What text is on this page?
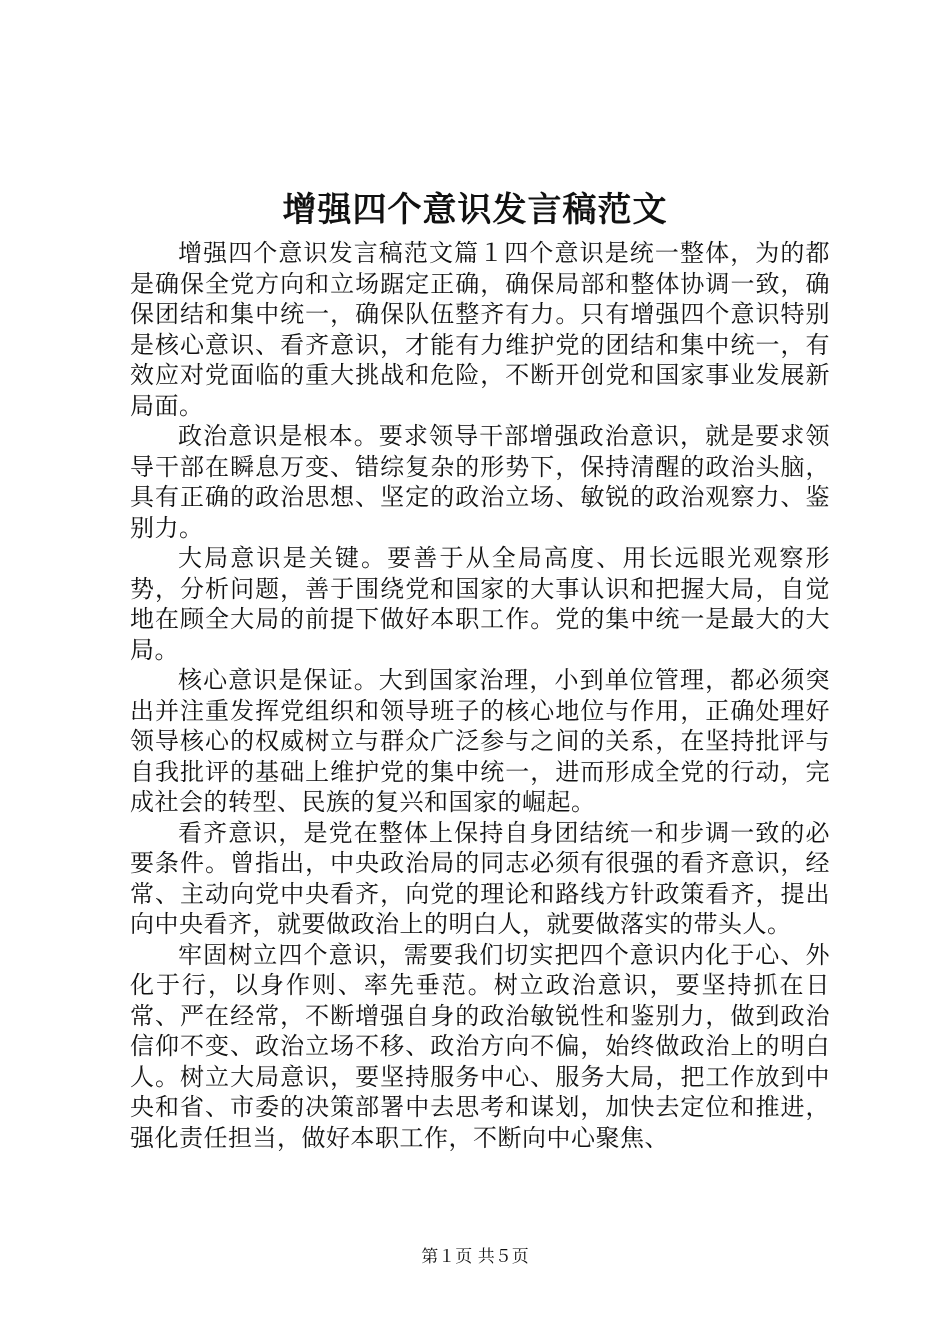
增强四个意识发言稿范文

增强四个意识发言稿范文篇１四个意识是统一整体，为的都是确保全党方向和立场踞定正确，确保局部和整体协调一致，确保团结和集中统一，确保队伍整齐有力。只有增强四个意识特别是核心意识、看齐意识，才能有力维护党的团结和集中统一，有效应对党面临的重大挑战和危险，不断开创党和国家事业发展新局面。

政治意识是根本。要求领导干部增强政治意识，就是要求领导干部在瞬息万变、错综复杂的形势下，保持清醒的政治头脑，具有正确的政治思想、坚定的政治立场、敏锐的政治观察力、鉴别力。

大局意识是关键。要善于从全局高度、用长远眼光观察形势，分析问题，善于围绕党和国家的大事认识和把握大局，自觉地在顾全大局的前提下做好本职工作。党的集中统一是最大的大局。

核心意识是保证。大到国家治理，小到单位管理，都必须突出并注重发挥党组织和领导班子的核心地位与作用，正确处理好领导核心的权威树立与群众广泛参与之间的关系，在坚持批评与自我批评的基础上维护党的集中统一，进而形成全党的行动，完成社会的转型、民族的复兴和国家的崛起。

看齐意识，是党在整体上保持自身团结统一和步调一致的必要条件。曾指出，中央政治局的同志必须有很强的看齐意识，经常、主动向党中央看齐，向党的理论和路线方针政策看齐，提出向中央看齐，就要做政治上的明白人，就要做落实的带头人。

牢固树立四个意识，需要我们切实把四个意识内化于心、外化于行，以身作则、率先垂范。树立政治意识，要坚持抓在日常、严在经常，不断增强自身的政治敏锐性和鉴别力，做到政治信仰不变、政治立场不移、政治方向不偏，始终做政治上的明白人。树立大局意识，要坚持服务中心、服务大局，把工作放到中央和省、市委的决策部署中去思考和谋划，加快去定位和推进，强化责任担当，做好本职工作，不断向中心聚焦、

第１页 共５页
